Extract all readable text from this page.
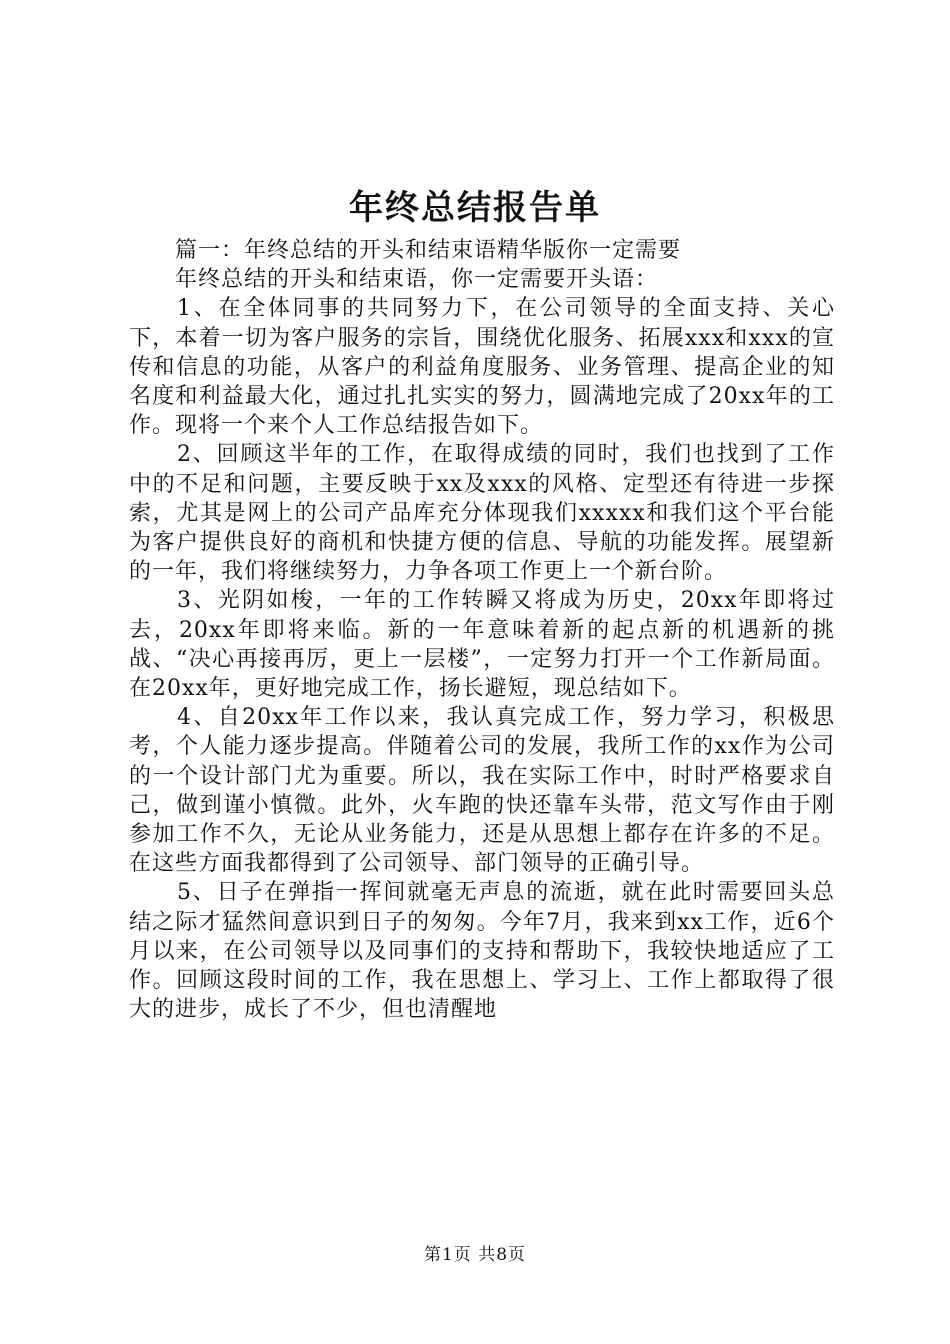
年终总结报告单

篇一：年终总结的开头和结束语精华版你一定需要

年终总结的开头和结束语，你一定需要开头语：

1、在全体同事的共同努力下，在公司领导的全面支持、关心下，本着一切为客户服务的宗旨，围绕优化服务、拓展xxx和xxx的宣传和信息的功能，从客户的利益角度服务、业务管理、提高企业的知名度和利益最大化，通过扎扎实实的努力，圆满地完成了20xx年的工作。现将一个来个人工作总结报告如下。

2、回顾这半年的工作，在取得成绩的同时，我们也找到了工作中的不足和问题，主要反映于xx及xxx的风格、定型还有待进一步探索，尤其是网上的公司产品库充分体现我们xxxxx和我们这个平台能为客户提供良好的商机和快捷方便的信息、导航的功能发挥。展望新的一年，我们将继续努力，力争各项工作更上一个新台阶。

3、光阴如梭，一年的工作转瞬又将成为历史，20xx年即将过去，20xx年即将来临。新的一年意味着新的起点新的机遇新的挑战、“决心再接再厉，更上一层楼”，一定努力打开一个工作新局面。在20xx年，更好地完成工作，扬长避短，现总结如下。

4、自20xx年工作以来，我认真完成工作，努力学习，积极思考，个人能力逐步提高。伴随着公司的发展，我所工作的xx作为公司的一个设计部门尤为重要。所以，我在实际工作中，时时严格要求自己，做到谨小慎微。此外，火车跑的快还靠车头带，范文写作由于刚参加工作不久，无论从业务能力，还是从思想上都存在许多的不足。在这些方面我都得到了公司领导、部门领导的正确引导。

5、日子在弹指一挥间就毫无声息的流逝，就在此时需要回头总结之际才猛然间意识到日子的匆匆。今年7月，我来到xx工作，近6个月以来，在公司领导以及同事们的支持和帮助下，我较快地适应了工作。回顾这段时间的工作，我在思想上、学习上、工作上都取得了很大的进步，成长了不少，但也清醒地

第1页 共8页
